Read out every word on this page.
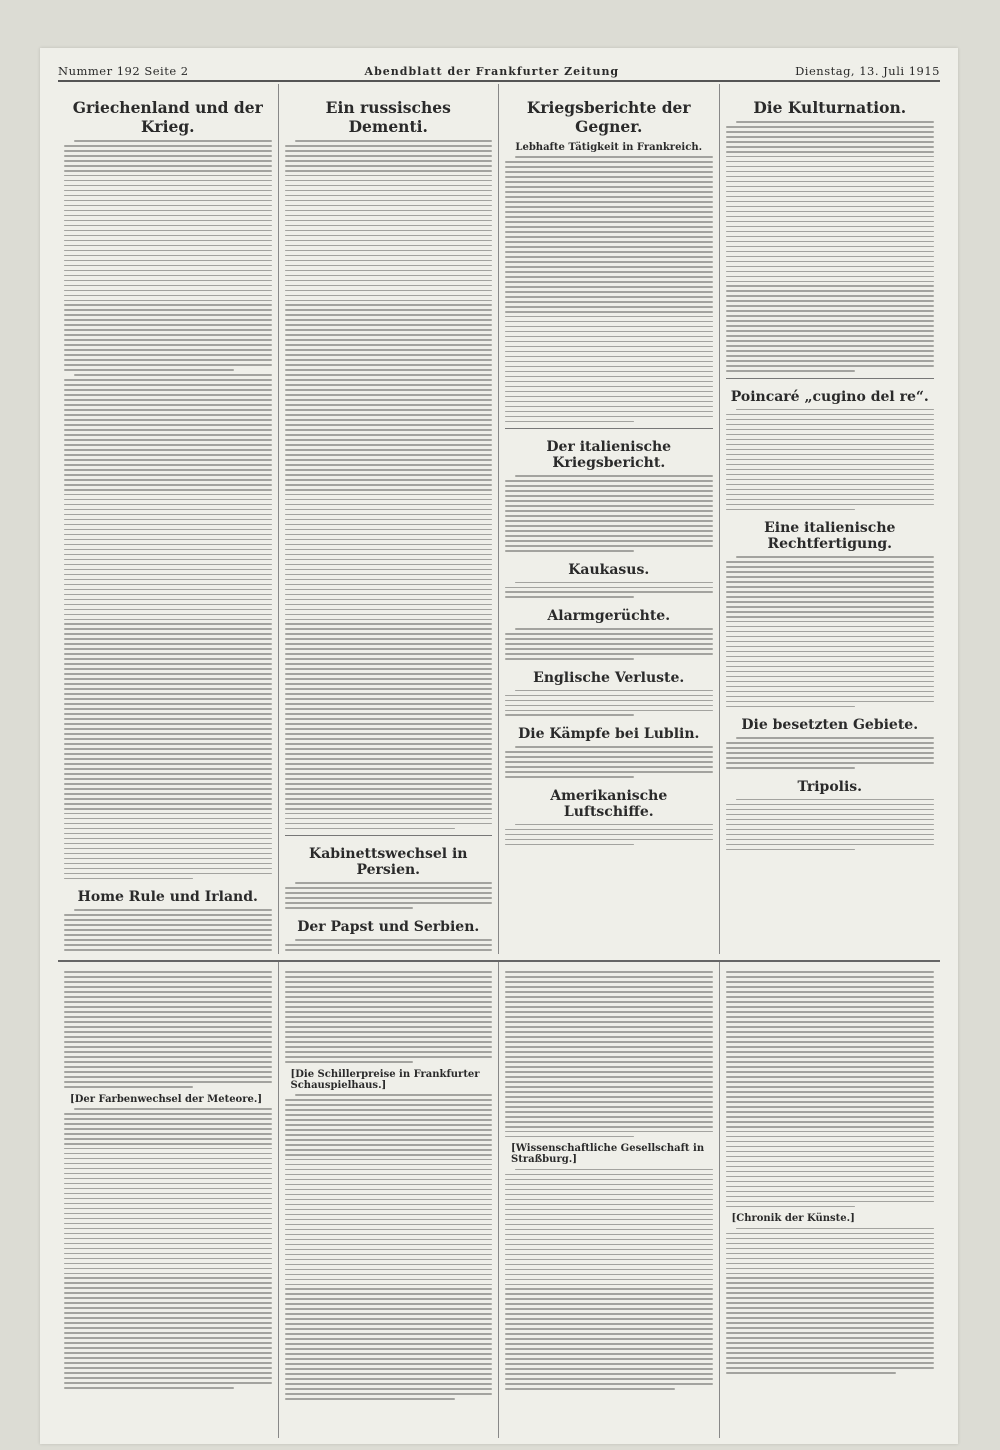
Nummer 192 Seite 2	Abendblatt der Frankfurter Zeitung	Dienstag, 13. Juli 1915
Griechenland und der Krieg.
Home Rule und Irland.
Ein russisches Dementi.
Kabinettswechsel in Persien.
Der Papst und Serbien.
Kriegsberichte der Gegner.
Lebhafte Tätigkeit in Frankreich.
Der italienische Kriegsbericht.
Kaukasus.
Alarmgerüchte.
Englische Verluste.
Die Kämpfe bei Lublin.
Amerikanische Luftschiffe.
Die Kulturnation.
Poincaré „cugino del re“.
Eine italienische Rechtfertigung.
Die besetzten Gebiete.
Tripolis.
[Der Farbenwechsel der Meteore.]
[Die Schillerpreise in Frankfurter Schauspielhaus.]
[Wissenschaftliche Gesellschaft in Straßburg.]
[Chronik der Künste.]
